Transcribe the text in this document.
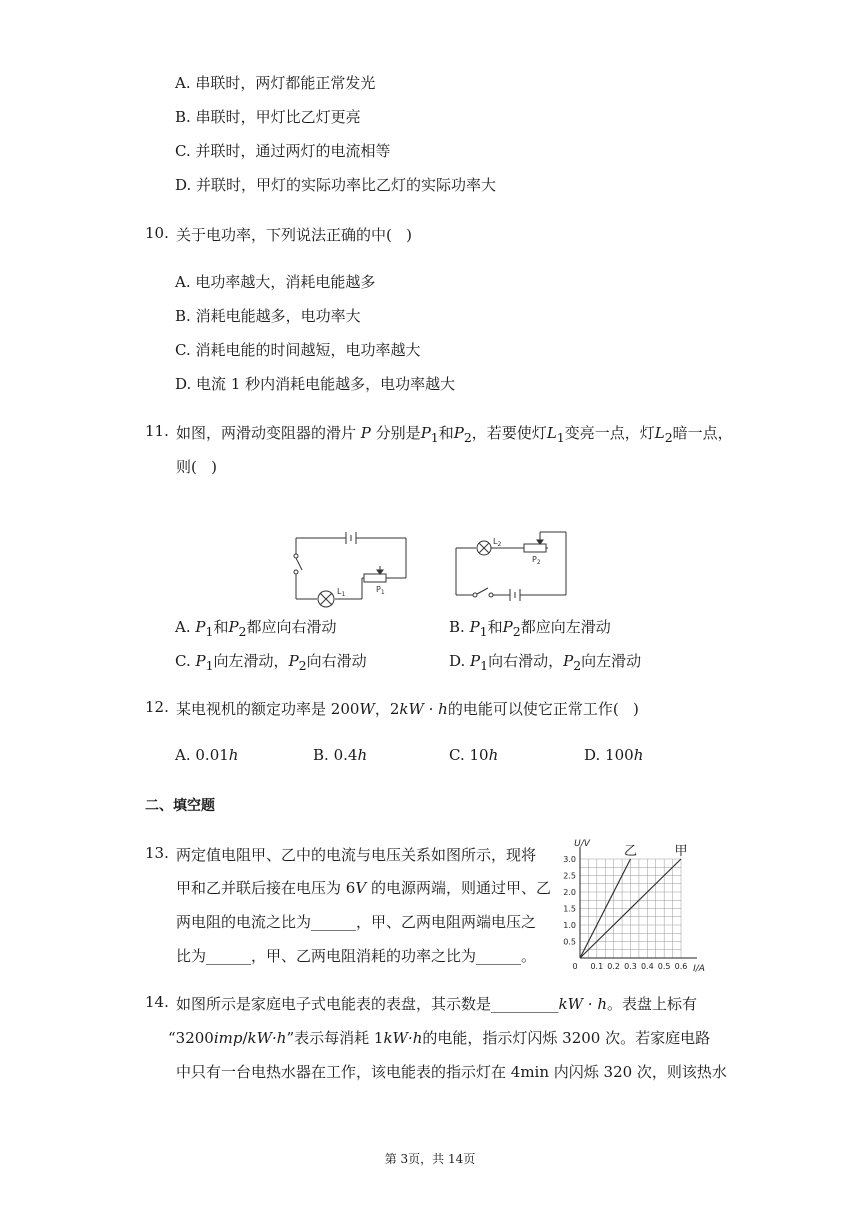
A. 串联时，两灯都能正常发光
B. 串联时，甲灯比乙灯更亮
C. 并联时，通过两灯的电流相等
D. 并联时，甲灯的实际功率比乙灯的实际功率大
10. 关于电功率，下列说法正确的中(   )
A. 电功率越大，消耗电能越多
B. 消耗电能越多，电功率大
C. 消耗电能的时间越短，电功率越大
D. 电流 1 秒内消耗电能越多，电功率越大
11. 如图，两滑动变阻器的滑片 P 分别是$P_1$和$P_2$，若要使灯$L_1$变亮一点，灯$L_2$暗一点，
则(   )
$L_1$
$P_1$
$L_2$
$P_2$
A. $P_1$和$P_2$都应向右滑动	B. $P_1$和$P_2$都应向左滑动
C. $P_1$向左滑动，$P_2$向右滑动	D. $P_1$向右滑动，$P_2$向左滑动
12. 某电视机的额定功率是 200W，2kW · h的电能可以使它正常工作(   )
A. 0.01h	B. 0.4h	C. 10h	D. 100h
二、填空题
13. 两定值电阻甲、乙中的电流与电压关系如图所示，现将
甲和乙并联后接在电压为 6V 的电源两端，则通过甲、乙
两电阻的电流之比为______，甲、乙两电阻两端电压之
比为______，甲、乙两电阻消耗的功率之比为______。
0.1 0.2 0.3 0.4 0.5 0.6
0.5
1.0
1.5
2.0
2.5
3.0
0	I/A
U/V	乙	甲
14. 如图所示是家庭电子式电能表的表盘，其示数是_________kW · h。表盘上标有
“3200imp/kW·h”表示每消耗 1kW·h的电能，指示灯闪烁 3200 次。若家庭电路
中只有一台电热水器在工作，该电能表的指示灯在 4min 内闪烁 320 次，则该热水
第 3页，共 14页
